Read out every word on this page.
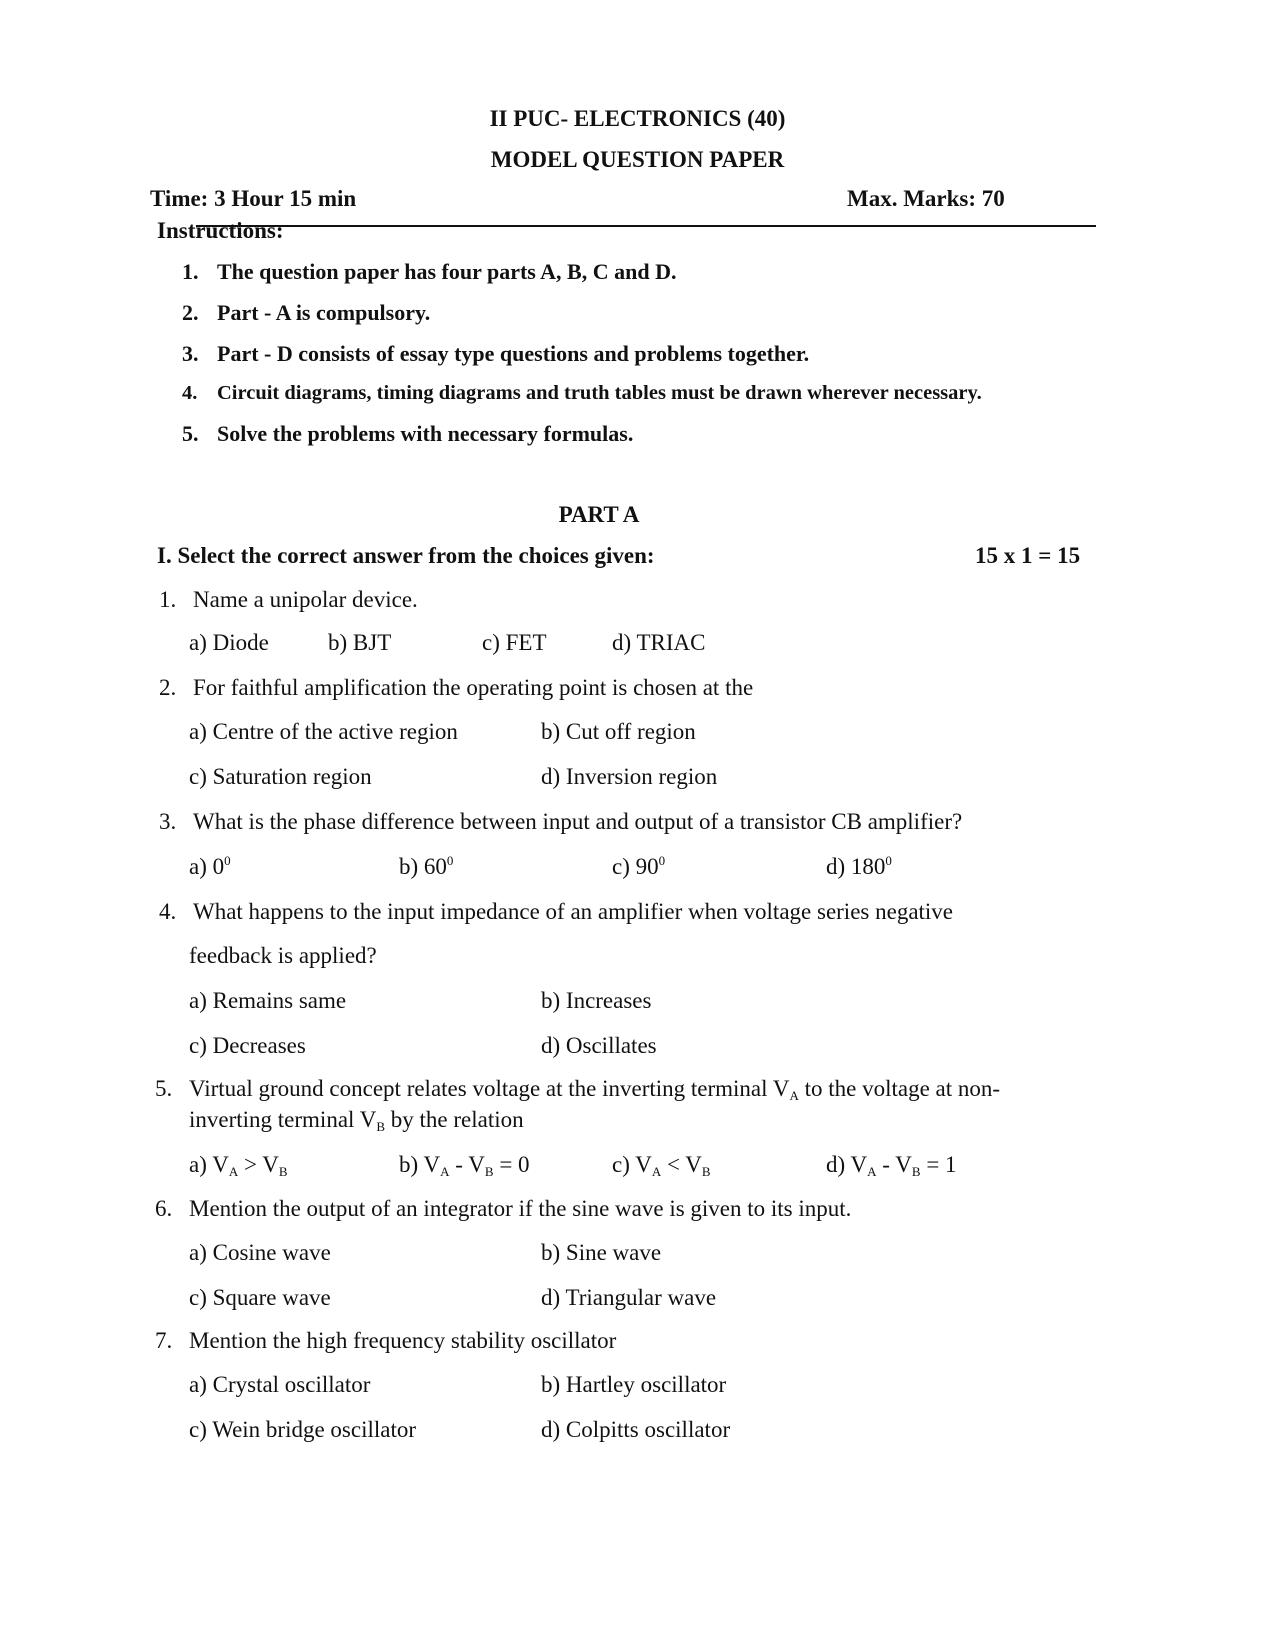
II PUC- ELECTRONICS (40)
MODEL QUESTION PAPER
Time: 3 Hour 15 min	Max. Marks: 70
Instructions:
1. The question paper has four parts A, B, C and D.
2. Part - A is compulsory.
3. Part - D consists of essay type questions and problems together.
4. Circuit diagrams, timing diagrams and truth tables must be drawn wherever necessary.
5. Solve the problems with necessary formulas.
PART A
I. Select the correct answer from the choices given:	15 x 1 = 15
1. Name a unipolar device.
a) Diode	b) BJT	c) FET	d) TRIAC
2. For faithful amplification the operating point is chosen at the
a) Centre of the active region	b) Cut off region
c) Saturation region	d) Inversion region
3. What is the phase difference between input and output of a transistor CB amplifier?
a) $0^0$	b) $60^0$	c) $90^0$	d) $180^0$
4. What happens to the input impedance of an amplifier when voltage series negative
feedback is applied?
a) Remains same	b) Increases
c) Decreases	d) Oscillates
5. Virtual ground concept relates voltage at the inverting terminal $V_A$ to the voltage at non-
inverting terminal $V_B$ by the relation
a) $V_A > V_B$	b) $V_A - V_B = 0$	c) $V_A < V_B$	d) $V_A - V_B = 1$
6. Mention the output of an integrator if the sine wave is given to its input.
a) Cosine wave	b) Sine wave
c) Square wave	d) Triangular wave
7. Mention the high frequency stability oscillator
a) Crystal oscillator	b) Hartley oscillator
c) Wein bridge oscillator	d) Colpitts oscillator
